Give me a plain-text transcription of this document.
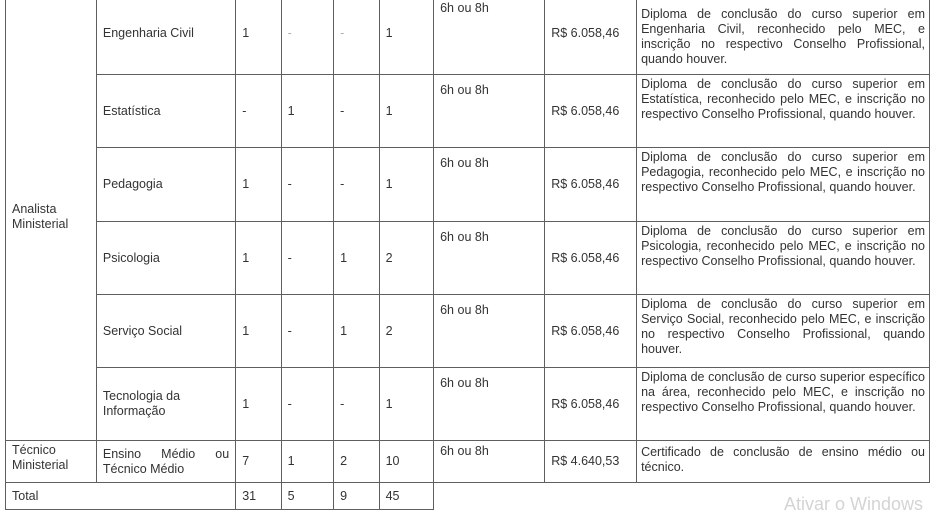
Analista Ministerial	Engenharia Civil	1	-	-	1	6h ou 8h	R$ 6.058,46	Diploma de conclusão do curso superior em Engenharia Civil, reconhecido pelo MEC, e inscrição no respectivo Conselho Profissional, quando houver.
	Estatística	-	1	-	1	6h ou 8h	R$ 6.058,46	Diploma de conclusão do curso superior em Estatística, reconhecido pelo MEC, e inscrição no respectivo Conselho Profissional, quando houver.
	Pedagogia	1	-	-	1	6h ou 8h	R$ 6.058,46	Diploma de conclusão do curso superior em Pedagogia, reconhecido pelo MEC, e inscrição no respectivo Conselho Profissional, quando houver.
	Psicologia	1	-	1	2	6h ou 8h	R$ 6.058,46	Diploma de conclusão do curso superior em Psicologia, reconhecido pelo MEC, e inscrição no respectivo Conselho Profissional, quando houver.
	Serviço Social	1	-	1	2	6h ou 8h	R$ 6.058,46	Diploma de conclusão do curso superior em Serviço Social, reconhecido pelo MEC, e inscrição no respectivo Conselho Profissional, quando houver.
	Tecnologia da Informação	1	-	-	1	6h ou 8h	R$ 6.058,46	Diploma de conclusão de curso superior específico na área, reconhecido pelo MEC, e inscrição no respectivo Conselho Profissional, quando houver.
Técnico Ministerial	Ensino Médio ou Técnico Médio	7	1	2	10	6h ou 8h	R$ 4.640,53	Certificado de conclusão de ensino médio ou técnico.
Total		31	5	9	45				Ativar o Windows
